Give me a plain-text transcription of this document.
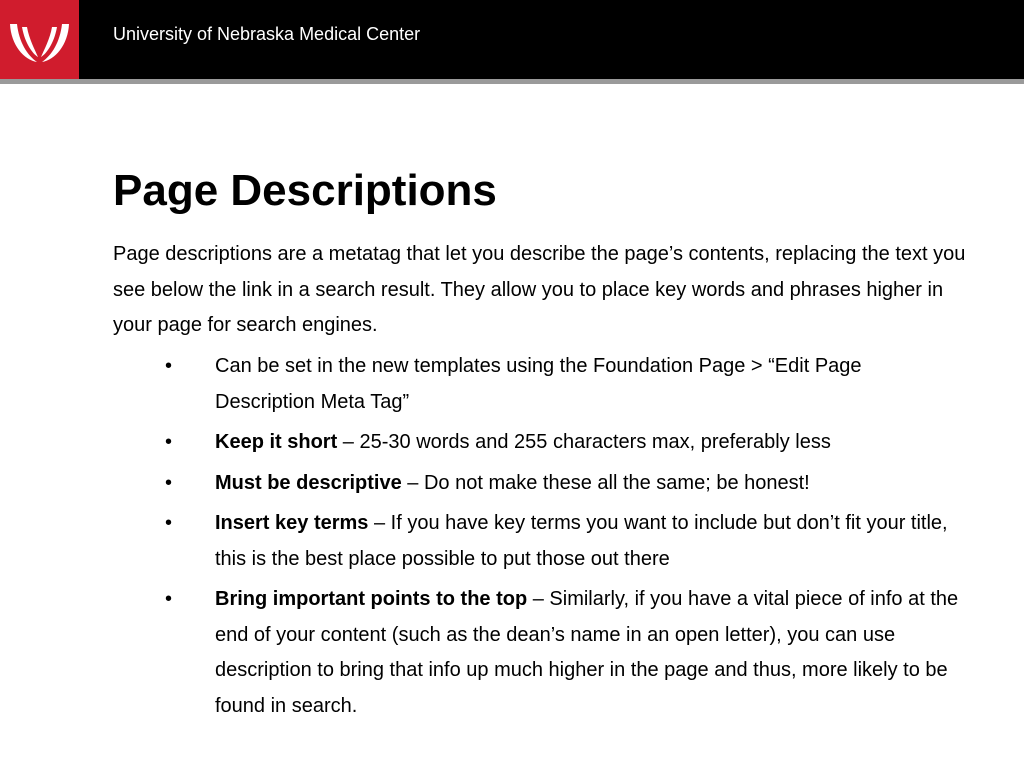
University of Nebraska Medical Center
Page Descriptions

Page descriptions are a metatag that let you describe the page’s contents, replacing the text you see below the link in a search result. They allow you to place key words and phrases higher in your page for search engines.

• Can be set in the new templates using the Foundation Page > “Edit Page Description Meta Tag”
• Keep it short – 25-30 words and 255 characters max, preferably less
• Must be descriptive – Do not make these all the same; be honest!
• Insert key terms – If you have key terms you want to include but don’t fit your title, this is the best place possible to put those out there
• Bring important points to the top – Similarly, if you have a vital piece of info at the end of your content (such as the dean’s name in an open letter), you can use description to bring that info up much higher in the page and thus, more likely to be found in search.
